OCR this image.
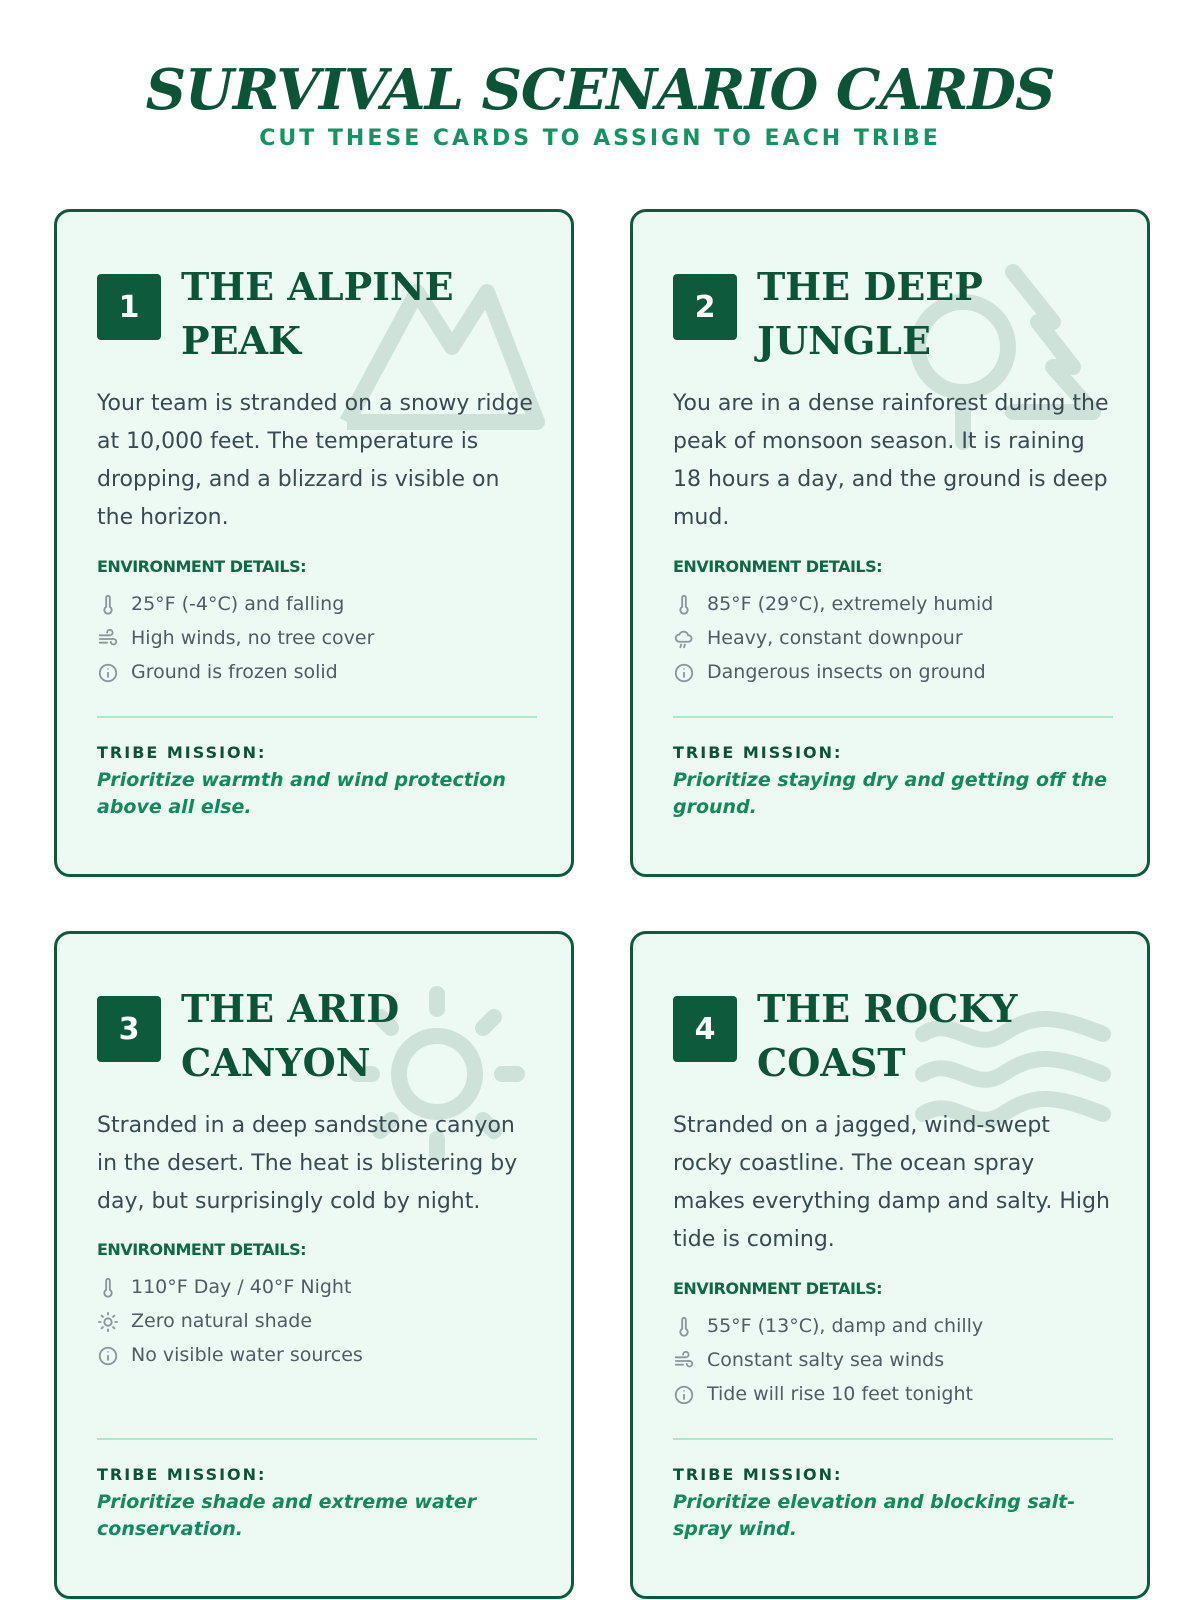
SURVIVAL SCENARIO CARDS
CUT THESE CARDS TO ASSIGN TO EACH TRIBE
1	THE ALPINE PEAK
Your team is stranded on a snowy ridge at 10,000 feet. The temperature is dropping, and a blizzard is visible on the horizon.
ENVIRONMENT DETAILS:
25°F (-4°C) and falling
High winds, no tree cover
Ground is frozen solid
TRIBE MISSION:
Prioritize warmth and wind protection above all else.
2	THE DEEP JUNGLE
You are in a dense rainforest during the peak of monsoon season. It is raining 18 hours a day, and the ground is deep mud.
ENVIRONMENT DETAILS:
85°F (29°C), extremely humid
Heavy, constant downpour
Dangerous insects on ground
TRIBE MISSION:
Prioritize staying dry and getting off the ground.
3	THE ARID CANYON
Stranded in a deep sandstone canyon in the desert. The heat is blistering by day, but surprisingly cold by night.
ENVIRONMENT DETAILS:
110°F Day / 40°F Night
Zero natural shade
No visible water sources
TRIBE MISSION:
Prioritize shade and extreme water conservation.
4	THE ROCKY COAST
Stranded on a jagged, wind-swept rocky coastline. The ocean spray makes everything damp and salty. High tide is coming.
ENVIRONMENT DETAILS:
55°F (13°C), damp and chilly
Constant salty sea winds
Tide will rise 10 feet tonight
TRIBE MISSION:
Prioritize elevation and blocking salt-spray wind.
